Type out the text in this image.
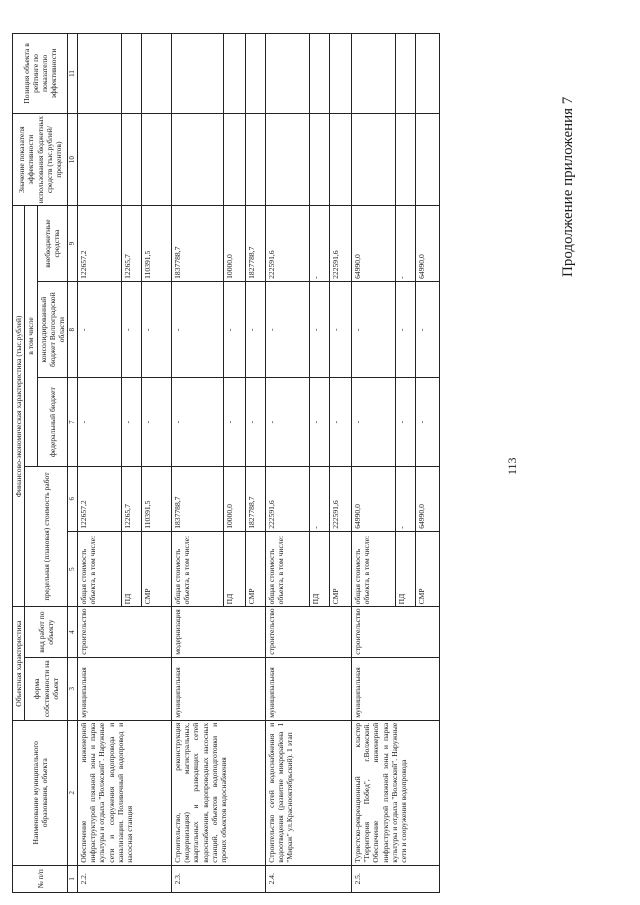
113
Продолжение приложения 7
№ п/п	Наименование муниципального образования, объекта	Объектная характеристика		Финансово-экономическая характеристика (тыс.рублей)					Значение показателя эффективности использования бюджетных средств (тыс.рублей/процентов)	Позиция объекта в рейтинге по показателю эффективности
		форма собственности на объект	вид работ по объекту	предельная (плановая) стоимость работ		в том числе				
						федеральный бюджет	консолидированный бюджет Волгоградской области	внебюджетные средства		
1	2	3	4	5	6	7	8	9	10	11
2.2.	Обеспечение инженерной инфраструктурой пляжной зоны и парка культуры и отдыха "Волжский". Наружные сети и сооружения водопровода и канализации. Поливочный водопровод и насосная станция	муниципальная	строительство	общая стоимость объекта, в том числе:	122657,2	-	-	122657,2		
				ПД	12265,7	-	-	12265,7		
				СМР	110391,5	-	-	110391,5		
2.3.	Строительство, реконструкция (модернизация) магистральных, квартальных и разводящих сетей водоснабжения, водопроводных насосных станций, объектов водоподготовки и прочих объектов водоснабжения	муниципальная	модернизация	общая стоимость объекта, в том числе:	1837788,7	-	-	1837788,7		
				ПД	10000,0	-	-	10000,0		
				СМР	1827788,7	-	-	1827788,7		
2.4.	Строительство сетей водоснабжения и водоотведения (развитие микрорайона 1 "Мираж" ул.Краснооктябрьский). 1 этап	муниципальная	строительство	общая стоимость объекта, в том числе:	222591,6	-	-	222591,6		
				ПД	-	-	-	-		
				СМР	222591,6	-	-	222591,6		
2.5.	Туристско-рекреационный кластер "Территория Побед", г.Волжский. Обеспечение инженерной инфраструктурой пляжной зоны и парка культуры и отдыха "Волжский". Наружные сети и сооружения водопровода	муниципальная	строительство	общая стоимость объекта, в том числе:	64990,0	-	-	64990,0		
				ПД	-	-	-	-		
				СМР	64990,0	-	-	64990,0		
